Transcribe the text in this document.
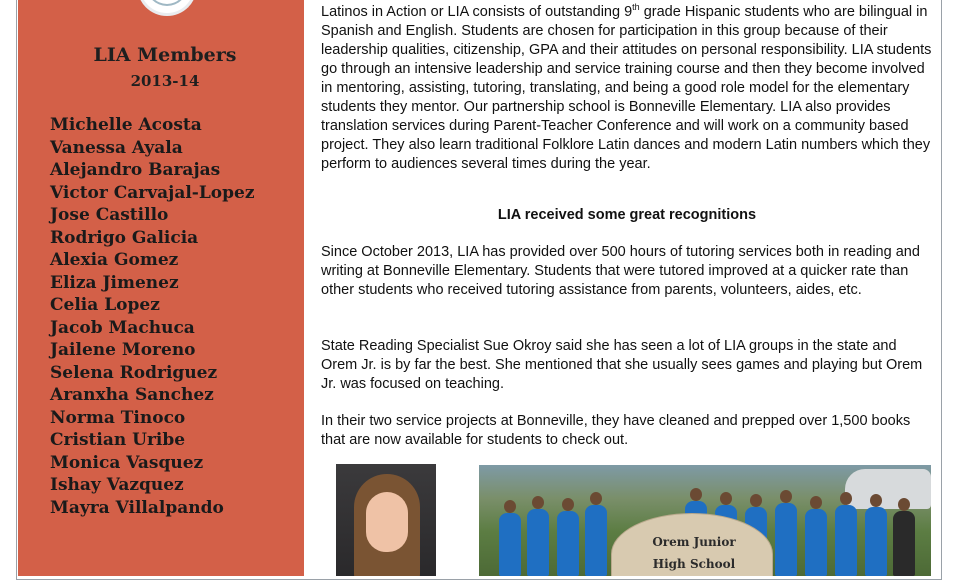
LIA Members
2013-14
Michelle Acosta
Vanessa Ayala
Alejandro Barajas
Victor Carvajal-Lopez
Jose Castillo
Rodrigo Galicia
Alexia Gomez
Eliza Jimenez
Celia Lopez
Jacob Machuca
Jailene Moreno
Selena Rodriguez
Aranxha Sanchez
Norma Tinoco
Cristian Uribe
Monica Vasquez
Ishay Vazquez
Mayra Villalpando

Latinos in Action or LIA consists of outstanding 9th grade Hispanic students who are bilingual in Spanish and English. Students are chosen for participation in this group because of their leadership qualities, citizenship, GPA and their attitudes on personal responsibility. LIA students go through an intensive leadership and service training course and then they become involved in mentoring, assisting, tutoring, translating, and being a good role model for the elementary students they mentor. Our partnership school is Bonneville Elementary. LIA also provides translation services during Parent-Teacher Conference and will work on a community based project. They also learn traditional Folklore Latin dances and modern Latin numbers which they perform to audiences several times during the year.

LIA received some great recognitions

Since October 2013, LIA has provided over 500 hours of tutoring services both in reading and writing at Bonneville Elementary. Students that were tutored improved at a quicker rate than other students who received tutoring assistance from parents, volunteers, aides, etc.

State Reading Specialist Sue Okroy said she has seen a lot of LIA groups in the state and Orem Jr. is by far the best. She mentioned that she usually sees games and playing but Orem Jr. was focused on teaching.

In their two service projects at Bonneville, they have cleaned and prepped over 1,500 books that are now available for students to check out.

Orem Junior
High School
